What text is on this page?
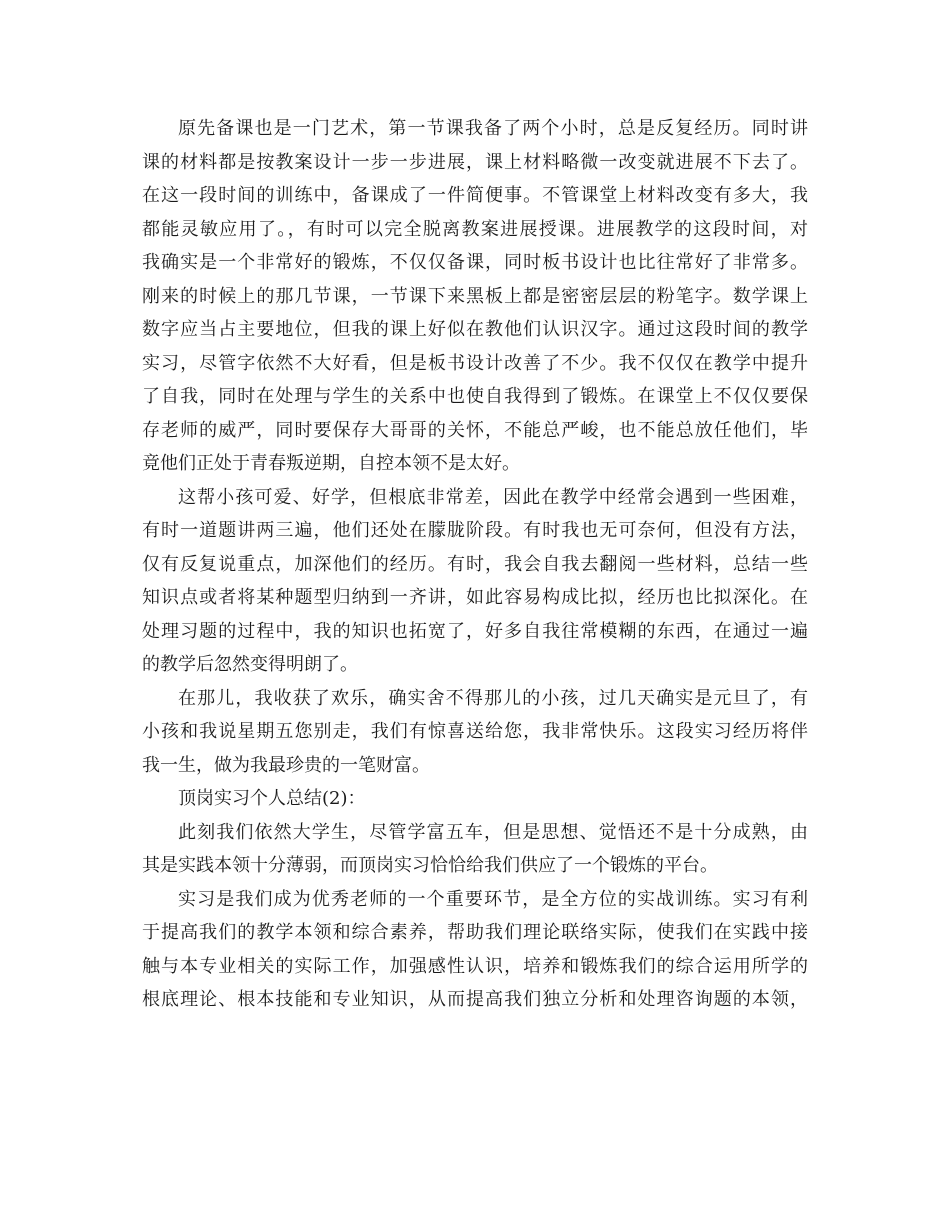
原先备课也是一门艺术，第一节课我备了两个小时，总是反复经历。同时讲
课的材料都是按教案设计一步一步进展，课上材料略微一改变就进展不下去了。
在这一段时间的训练中，备课成了一件简便事。不管课堂上材料改变有多大，我
都能灵敏应用了。，有时可以完全脱离教案进展授课。进展教学的这段时间，对
我确实是一个非常好的锻炼，不仅仅备课，同时板书设计也比往常好了非常多。
刚来的时候上的那几节课，一节课下来黑板上都是密密层层的粉笔字。数学课上
数字应当占主要地位，但我的课上好似在教他们认识汉字。通过这段时间的教学
实习，尽管字依然不大好看，但是板书设计改善了不少。我不仅仅在教学中提升
了自我，同时在处理与学生的关系中也使自我得到了锻炼。在课堂上不仅仅要保
存老师的威严，同时要保存大哥哥的关怀，不能总严峻，也不能总放任他们，毕
竟他们正处于青春叛逆期，自控本领不是太好。
这帮小孩可爱、好学，但根底非常差，因此在教学中经常会遇到一些困难，
有时一道题讲两三遍，他们还处在朦胧阶段。有时我也无可奈何，但没有方法，
仅有反复说重点，加深他们的经历。有时，我会自我去翻阅一些材料，总结一些
知识点或者将某种题型归纳到一齐讲，如此容易构成比拟，经历也比拟深化。在
处理习题的过程中，我的知识也拓宽了，好多自我往常模糊的东西，在通过一遍
的教学后忽然变得明朗了。
在那儿，我收获了欢乐，确实舍不得那儿的小孩，过几天确实是元旦了，有
小孩和我说星期五您别走，我们有惊喜送给您，我非常快乐。这段实习经历将伴
我一生，做为我最珍贵的一笔财富。
顶岗实习个人总结(2)：
此刻我们依然大学生，尽管学富五车，但是思想、觉悟还不是十分成熟，由
其是实践本领十分薄弱，而顶岗实习恰恰给我们供应了一个锻炼的平台。
实习是我们成为优秀老师的一个重要环节，是全方位的实战训练。实习有利
于提高我们的教学本领和综合素养，帮助我们理论联络实际，使我们在实践中接
触与本专业相关的实际工作，加强感性认识，培养和锻炼我们的综合运用所学的
根底理论、根本技能和专业知识，从而提高我们独立分析和处理咨询题的本领，
